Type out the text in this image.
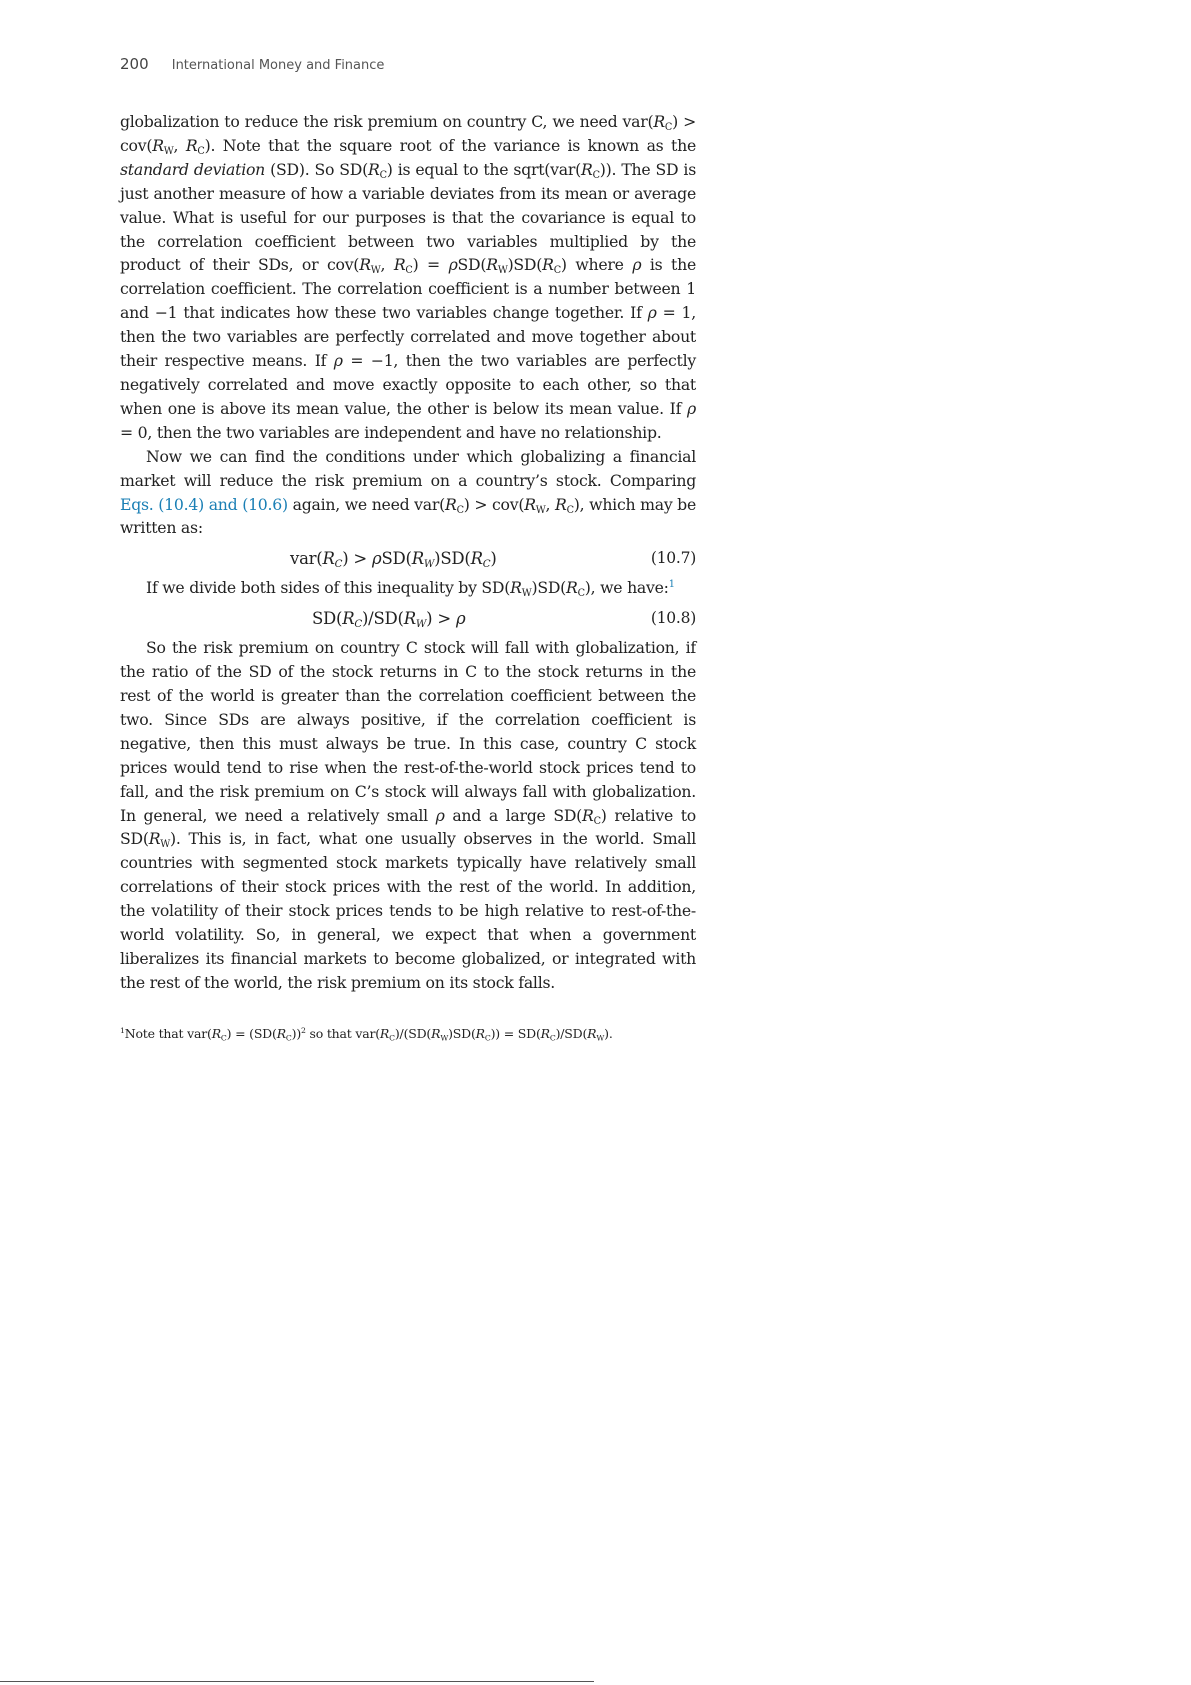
200 International Money and Finance

globalization to reduce the risk premium on country C, we need $var(R_C) > cov(R_W$, $R_C$). Note that the square root of the variance is known as the standard deviation (SD). So $SD(R_C)$ is equal to the $sqrt(var(R_C))$. The SD is just another measure of how a variable deviates from its mean or average value. What is useful for our purposes is that the covariance is equal to the correlation coefficient between two variables multiplied by the product of their SDs, or $cov(R_W$, $R_C) = \rho SD(R_W)SD(R_C)$ where ρ is the correlation coefficient. The correlation coefficient is a number between 1 and −1 that indicates how these two variables change together. If ρ = 1, then the two variables are perfectly correlated and move together about their respective means. If ρ = −1, then the two variables are perfectly negatively correlated and move exactly opposite to each other, so that when one is above its mean value, the other is below its mean value. If ρ = 0, then the two variables are independent and have no relationship.

Now we can find the conditions under which globalizing a financial market will reduce the risk premium on a country’s stock. Comparing Eqs. (10.4) and (10.6) again, we need $var(R_C) > cov(R_W$, $R_C$), which may be written as:

$var(R_C) > \rho SD(R_W)SD(R_C)$	(10.7)

If we divide both sides of this inequality by $SD(R_W)SD(R_C)$, we have:$^1$

$SD(R_C)/SD(R_W) > \rho$	(10.8)

So the risk premium on country C stock will fall with globalization, if the ratio of the SD of the stock returns in C to the stock returns in the rest of the world is greater than the correlation coefficient between the two. Since SDs are always positive, if the correlation coefficient is negative, then this must always be true. In this case, country C stock prices would tend to rise when the rest-of-the-world stock prices tend to fall, and the risk premium on C’s stock will always fall with globalization. In general, we need a relatively small ρ and a large $SD(R_C)$ relative to $SD(R_W)$. This is, in fact, what one usually observes in the world. Small countries with segmented stock markets typically have relatively small correlations of their stock prices with the rest of the world. In addition, the volatility of their stock prices tends to be high relative to rest-of-the-world volatility. So, in general, we expect that when a government liberalizes its financial markets to become globalized, or integrated with the rest of the world, the risk premium on its stock falls.

$^1$Note that $var(R_C) = (SD(R_C))^2$ so that $var(R_C)/(SD(R_W)SD(R_C)) = SD(R_C)/SD(R_W)$.
